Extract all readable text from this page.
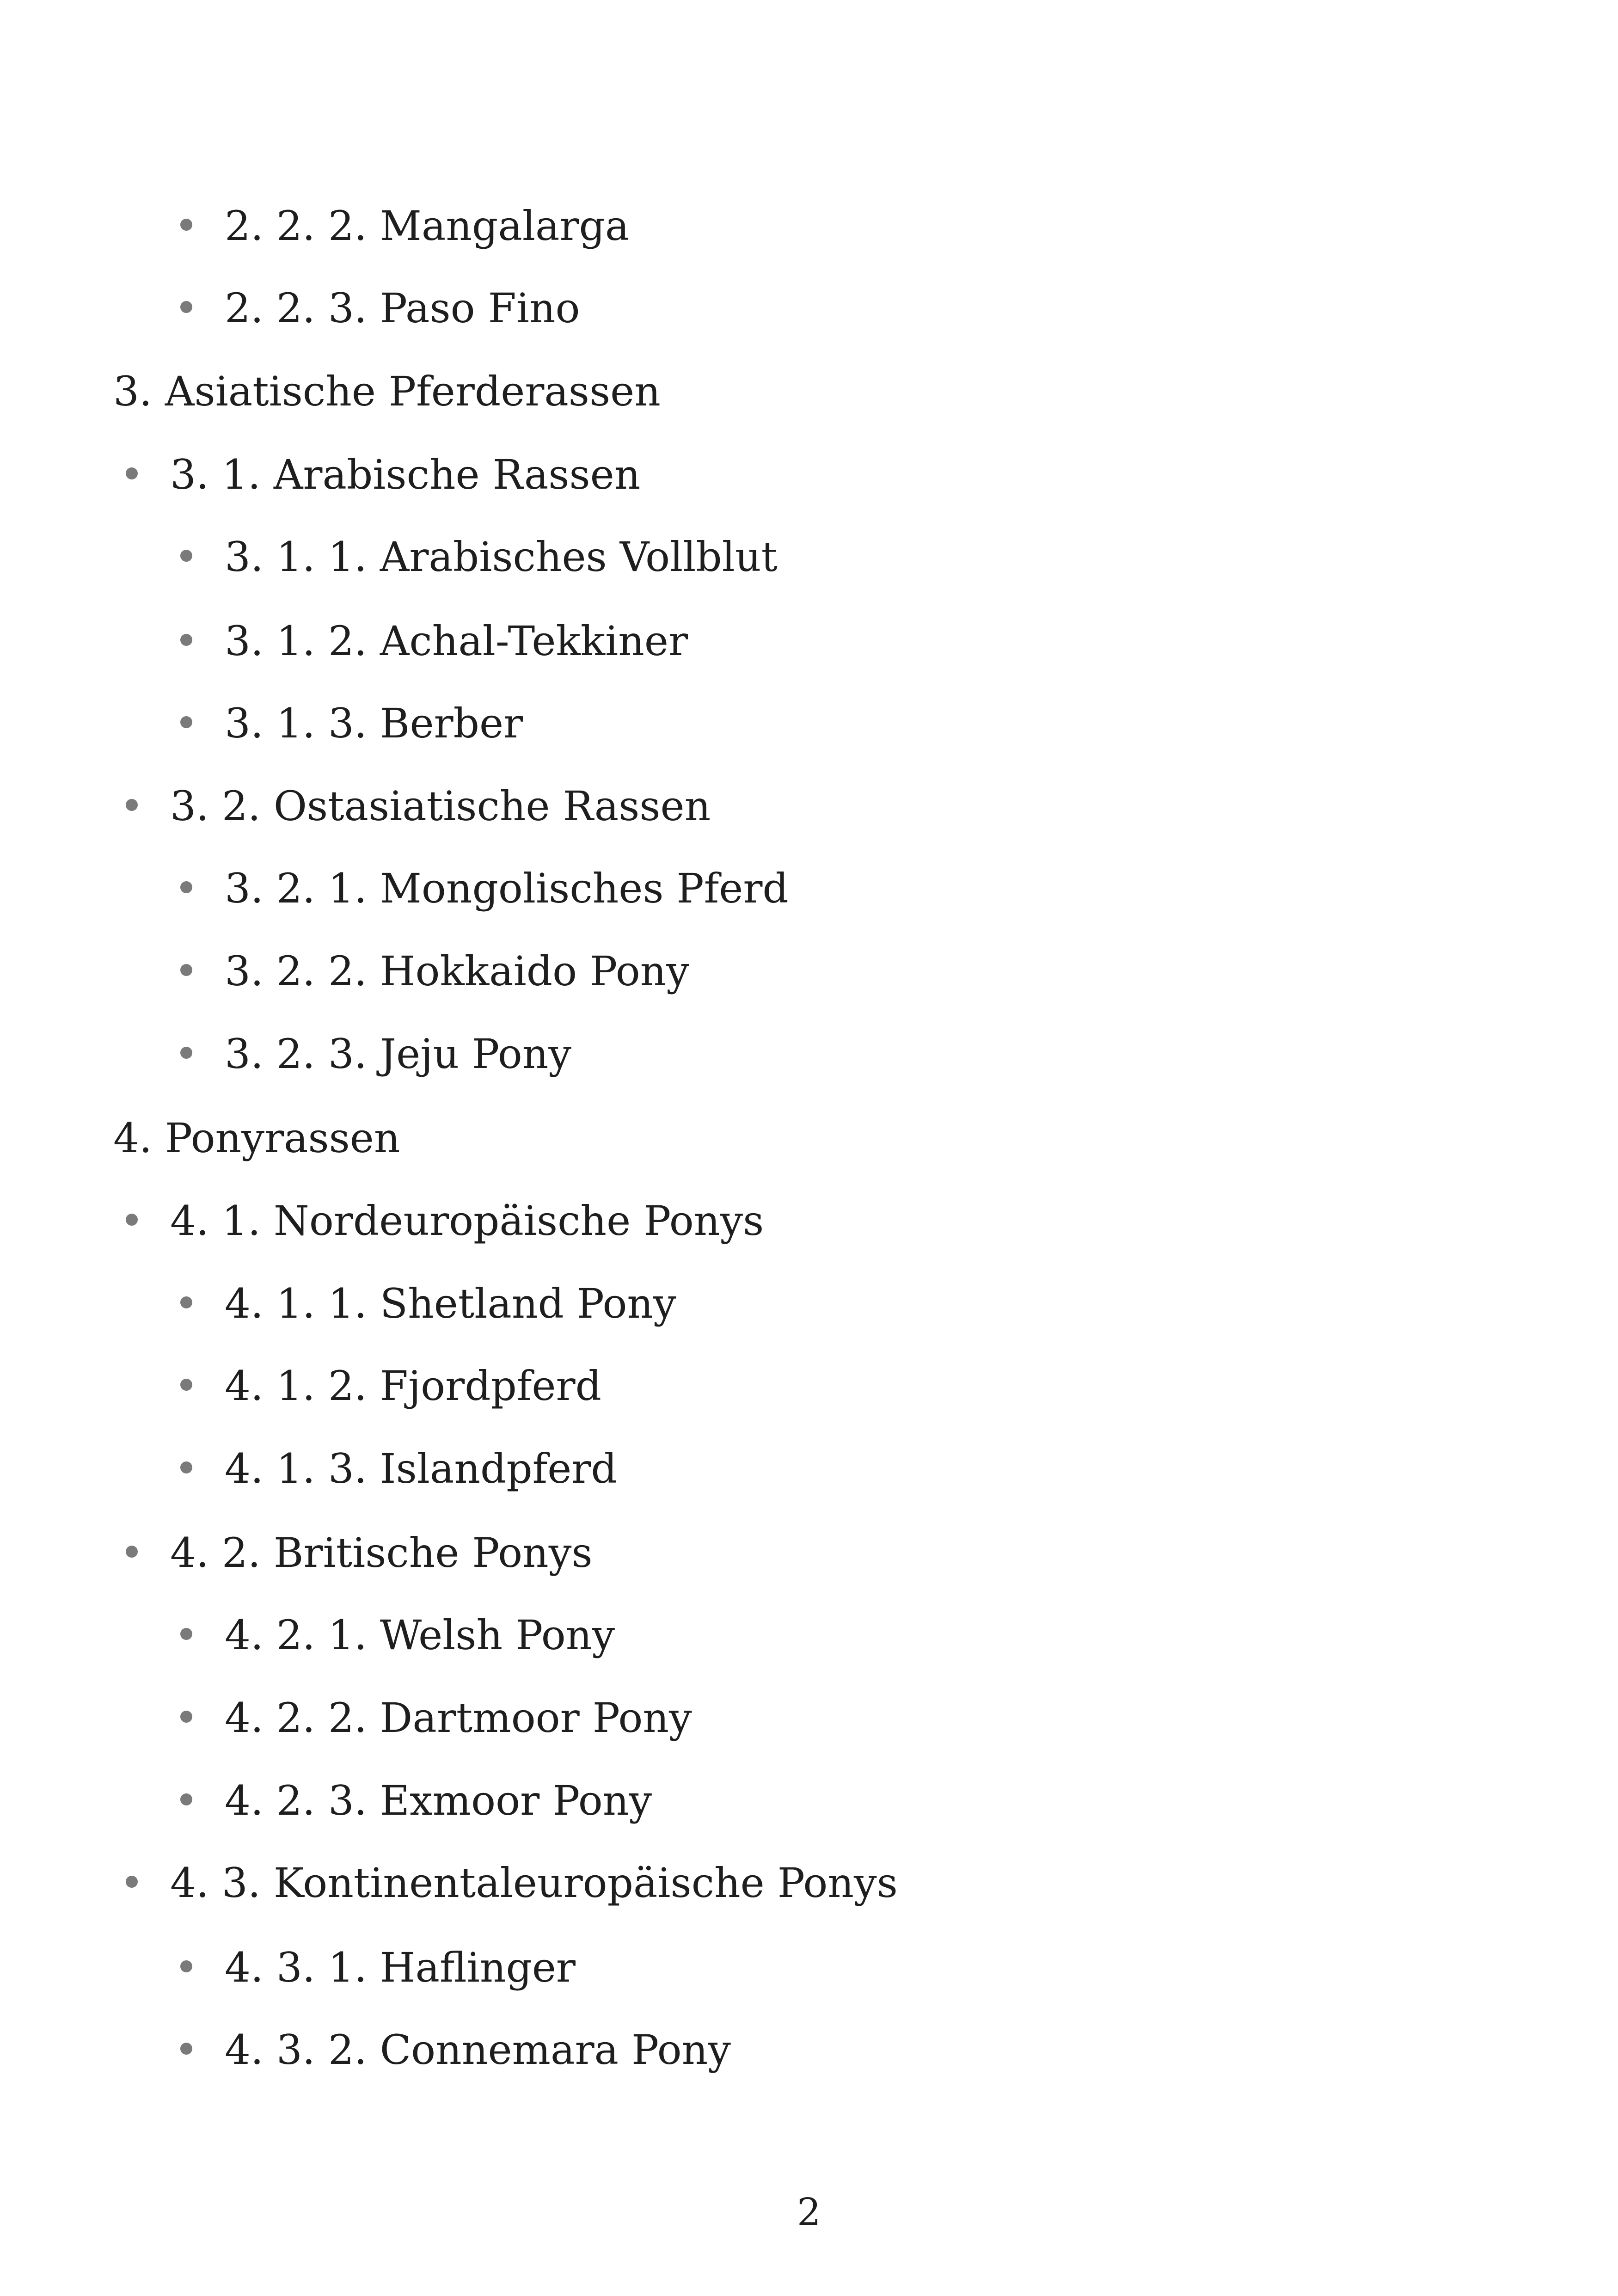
2. 2. 2. Mangalarga
2. 2. 3. Paso Fino
3. Asiatische Pferderassen
3. 1. Arabische Rassen
3. 1. 1. Arabisches Vollblut
3. 1. 2. Achal-Tekkiner
3. 1. 3. Berber
3. 2. Ostasiatische Rassen
3. 2. 1. Mongolisches Pferd
3. 2. 2. Hokkaido Pony
3. 2. 3. Jeju Pony
4. Ponyrassen
4. 1. Nordeuropäische Ponys
4. 1. 1. Shetland Pony
4. 1. 2. Fjordpferd
4. 1. 3. Islandpferd
4. 2. Britische Ponys
4. 2. 1. Welsh Pony
4. 2. 2. Dartmoor Pony
4. 2. 3. Exmoor Pony
4. 3. Kontinentaleuropäische Ponys
4. 3. 1. Haflinger
4. 3. 2. Connemara Pony
2
